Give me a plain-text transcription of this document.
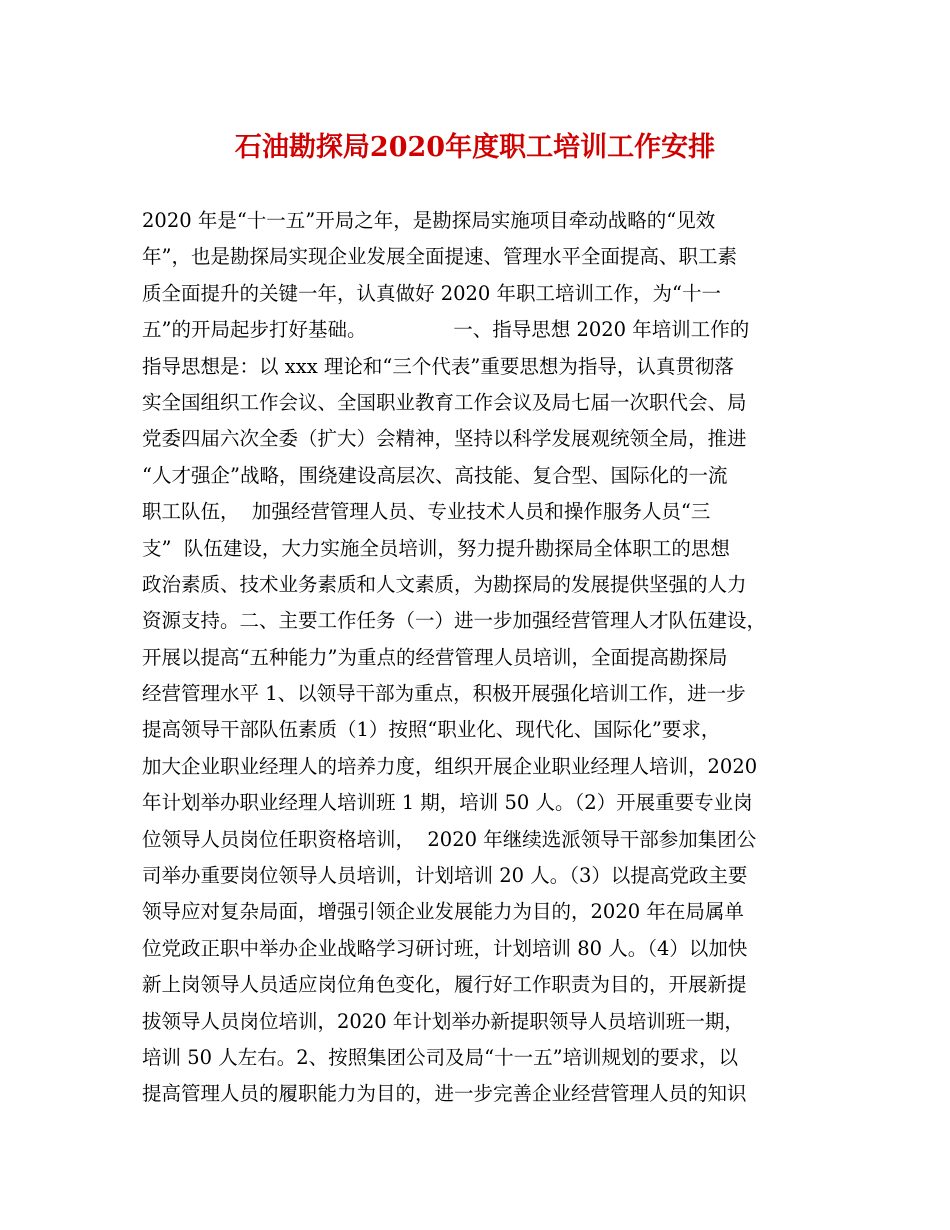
石油勘探局2020年度职工培训工作安排
2020 年是“十一五”开局之年，是勘探局实施项目牵动战略的“见效
年”，也是勘探局实现企业发展全面提速、管理水平全面提高、职工素
质全面提升的关键一年，认真做好 2020 年职工培训工作，为“十一
五”的开局起步打好基础。              一、指导思想 2020 年培训工作的
指导思想是：以 xxx 理论和“三个代表”重要思想为指导，认真贯彻落
实全国组织工作会议、全国职业教育工作会议及局七届一次职代会、局
党委四届六次全委（扩大）会精神，坚持以科学发展观统领全局，推进
“人才强企”战略，围绕建设高层次、高技能、复合型、国际化的一流
职工队伍，  加强经营管理人员、专业技术人员和操作服务人员“三
支”  队伍建设，大力实施全员培训，努力提升勘探局全体职工的思想
政治素质、技术业务素质和人文素质，为勘探局的发展提供坚强的人力
资源支持。二、主要工作任务（一）进一步加强经营管理人才队伍建设，
开展以提高“五种能力”为重点的经营管理人员培训，全面提高勘探局
经营管理水平 1、以领导干部为重点，积极开展强化培训工作，进一步
提高领导干部队伍素质（1）按照“职业化、现代化、国际化”要求，
加大企业职业经理人的培养力度，组织开展企业职业经理人培训，2020
年计划举办职业经理人培训班 1 期，培训 50 人。（2）开展重要专业岗
位领导人员岗位任职资格培训，  2020 年继续选派领导干部参加集团公
司举办重要岗位领导人员培训，计划培训 20 人。（3）以提高党政主要
领导应对复杂局面，增强引领企业发展能力为目的，2020 年在局属单
位党政正职中举办企业战略学习研讨班，计划培训 80 人。（4）以加快
新上岗领导人员适应岗位角色变化，履行好工作职责为目的，开展新提
拔领导人员岗位培训，2020 年计划举办新提职领导人员培训班一期，
培训 50 人左右。2、按照集团公司及局“十一五”培训规划的要求，以
提高管理人员的履职能力为目的，进一步完善企业经营管理人员的知识
